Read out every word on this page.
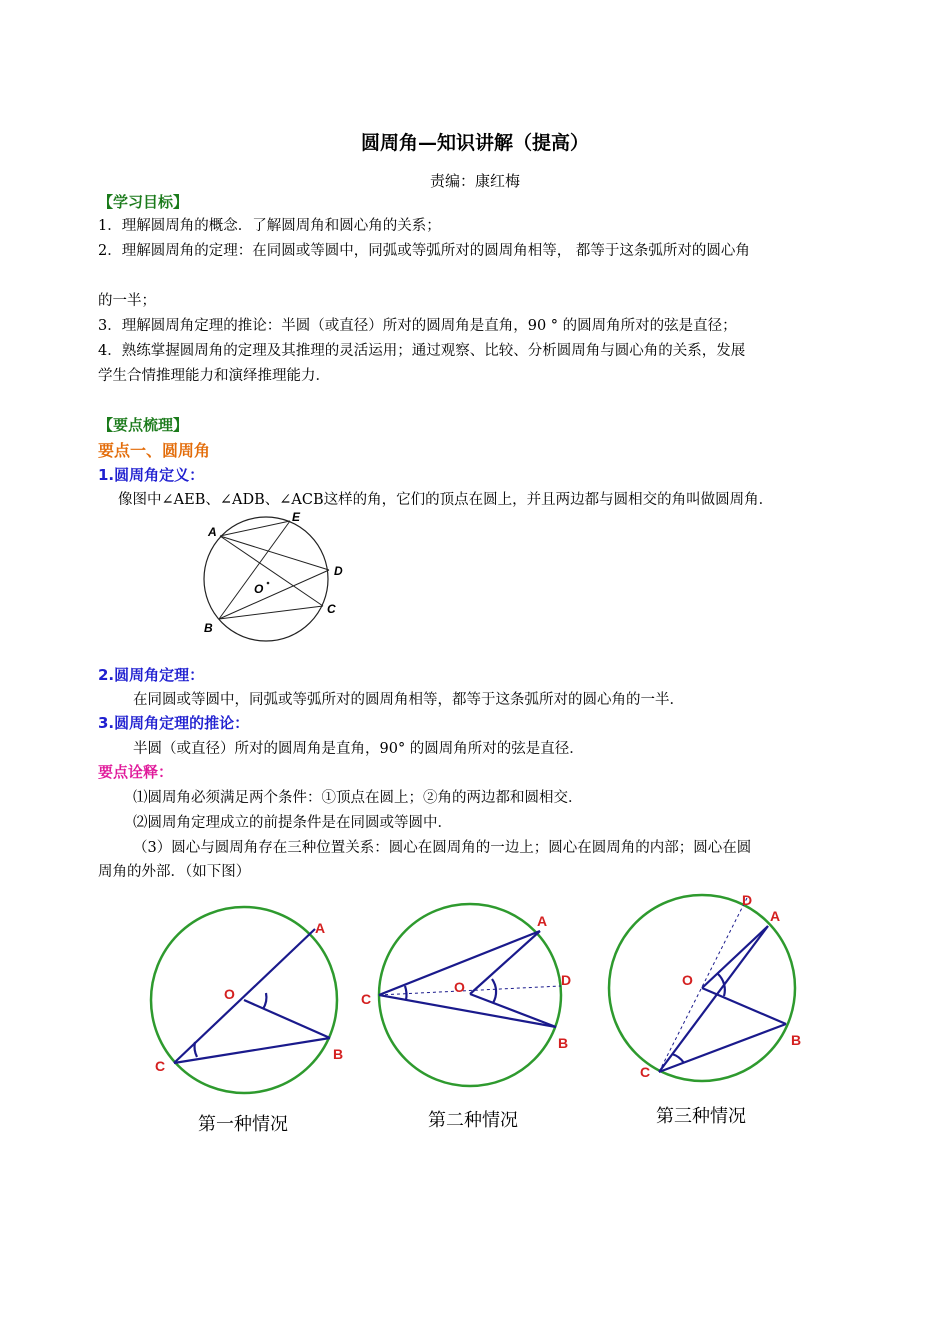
圆周角—知识讲解（提高）
责编：康红梅
【学习目标】
1．理解圆周角的概念．了解圆周角和圆心角的关系；
2．理解圆周角的定理：在同圆或等圆中，同弧或等弧所对的圆周角相等， 都等于这条弧所对的圆心角
的一半；
3．理解圆周角定理的推论：半圆（或直径）所对的圆周角是直角，90 ° 的圆周角所对的弦是直径；
4．熟练掌握圆周角的定理及其推理的灵活运用；通过观察、比较、分析圆周角与圆心角的关系，发展
学生合情推理能力和演绎推理能力．
【要点梳理】
要点一、圆周角
1.圆周角定义：
像图中∠AEB、∠ADB、∠ACB这样的角，它们的顶点在圆上，并且两边都与圆相交的角叫做圆周角．
A
E
D
C
B
O
2.圆周角定理：
在同圆或等圆中，同弧或等弧所对的圆周角相等，都等于这条弧所对的圆心角的一半．
3.圆周角定理的推论：
半圆（或直径）所对的圆周角是直角，90° 的圆周角所对的弦是直径．
要点诠释：
⑴圆周角必须满足两个条件：①顶点在圆上；②角的两边都和圆相交．
⑵圆周角定理成立的前提条件是在同圆或等圆中．
（3）圆心与圆周角存在三种位置关系：圆心在圆周角的一边上；圆心在圆周角的内部；圆心在圆
周角的外部．（如下图）
A
O
B
C
第一种情况
A
O	D
B
C
第二种情况
D
A
O
B
C
第三种情况
